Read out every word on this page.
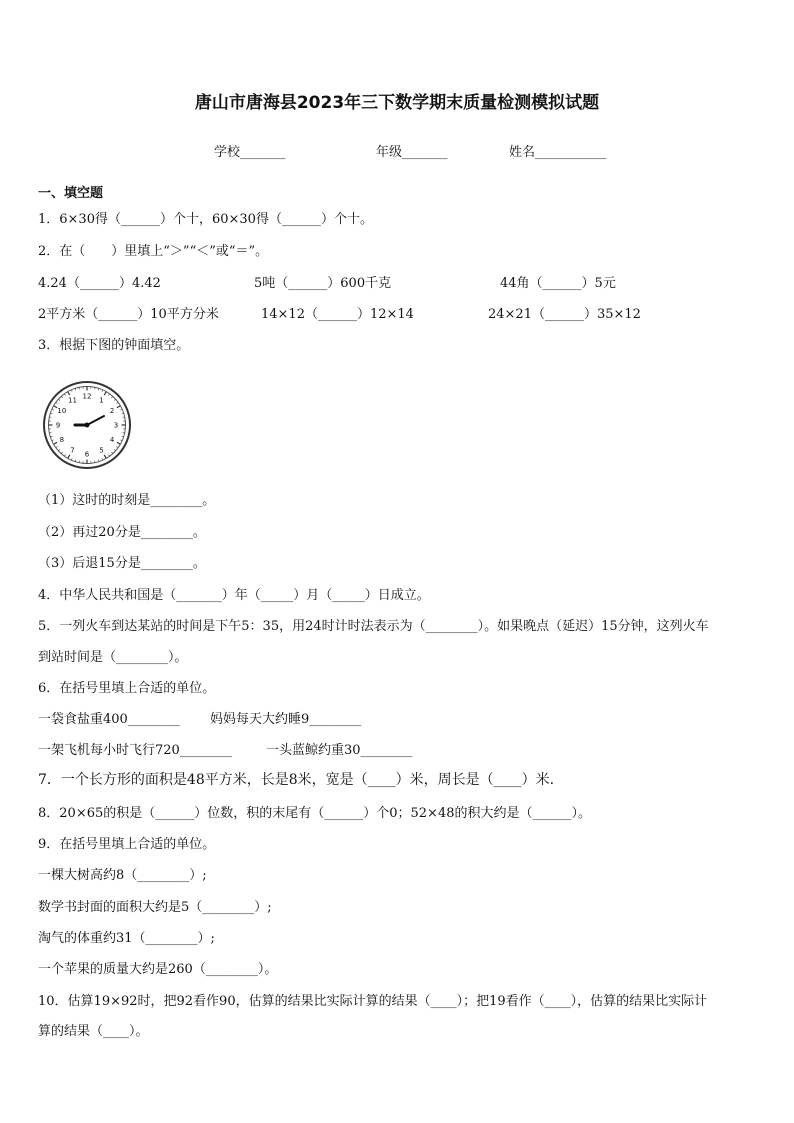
唐山市唐海县2023年三下数学期末质量检测模拟试题
学校_______	年级_______	姓名___________
一、填空题
1．6×30得（______）个十，60×30得（______）个十。
2．在（　　）里填上“＞”“＜”或“＝”。
4.24（______）4.42	5吨（______）600千克	44角（______）5元
2平方米（______）10平方分米	14×12（______）12×14	24×21（______）35×12
3．根据下图的钟面填空。
12 1
2
3
4
5
6
7
8
9
10
11
（1）这时的时刻是________。
（2）再过20分是________。
（3）后退15分是________。
4．中华人民共和国是（_______）年（_____）月（_____）日成立。
5．一列火车到达某站的时间是下午5：35，用24时计时法表示为（________）。如果晚点（延迟）15分钟，这列火车
到站时间是（________）。
6．在括号里填上合适的单位。
一袋食盐重400________ 妈妈每天大约睡9________
一架飞机每小时飞行720________	一头蓝鲸约重30________
7．一个长方形的面积是48平方米，长是8米，宽是（____）米，周长是（____）米.
8．20×65的积是（______）位数，积的末尾有（______）个0；52×48的积大约是（______）。
9．在括号里填上合适的单位。
一棵大树高约8（________）;
数学书封面的面积大约是5（________）;
淘气的体重约31（________）;
一个苹果的质量大约是260（________）。
10．估算19×92时，把92看作90，估算的结果比实际计算的结果（____）；把19看作（____），估算的结果比实际计
算的结果（____）。
